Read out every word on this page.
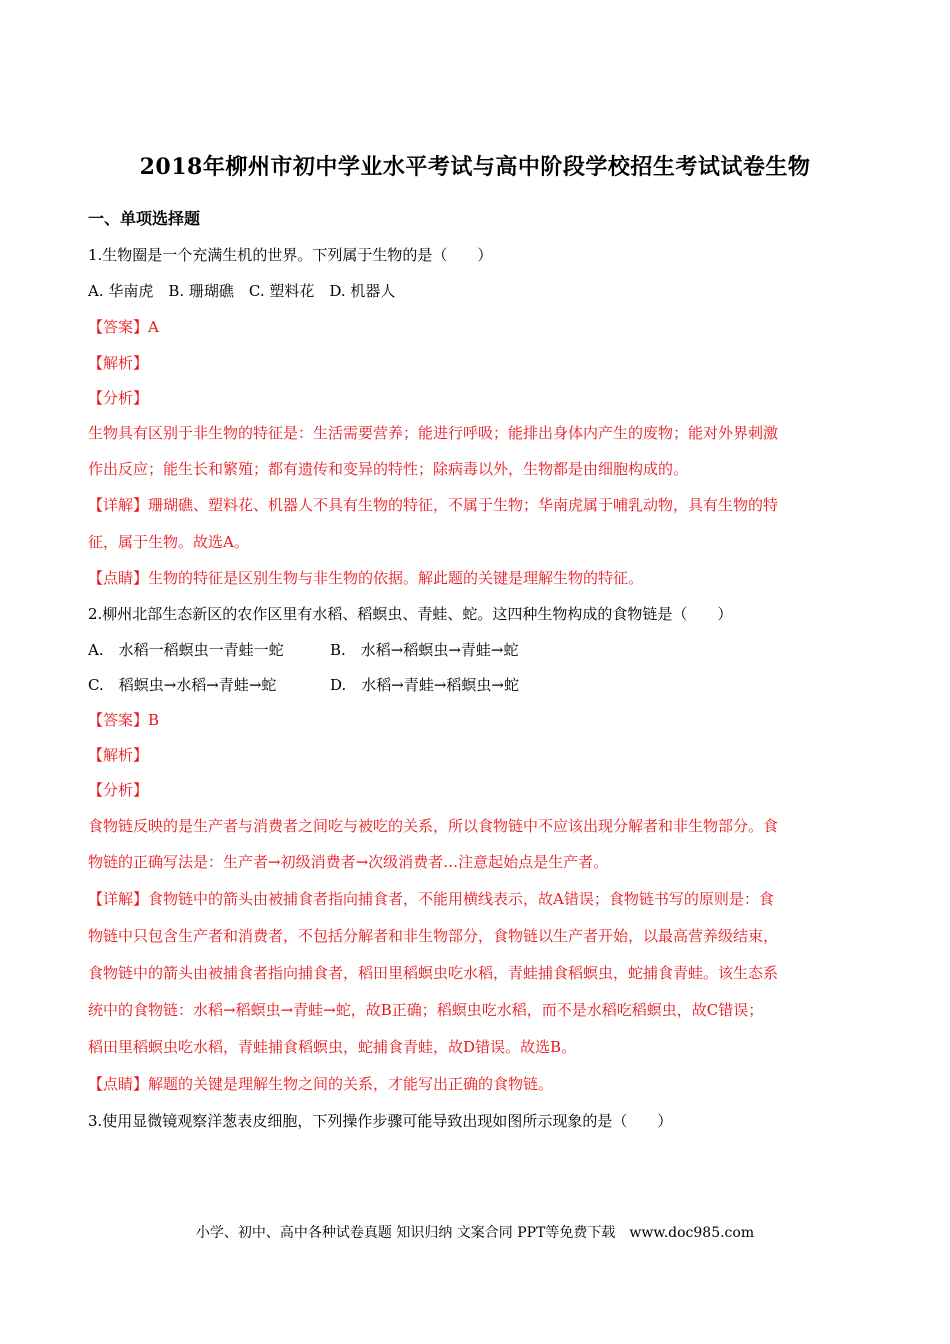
2018年柳州市初中学业水平考试与高中阶段学校招生考试试卷生物
一、单项选择题
1.生物圈是一个充满生机的世界。下列属于生物的是（　　）
A. 华南虎　B. 珊瑚礁　C. 塑料花　D. 机器人
【答案】A
【解析】
【分析】
生物具有区别于非生物的特征是：生活需要营养；能进行呼吸；能排出身体内产生的废物；能对外界刺激
作出反应；能生长和繁殖；都有遗传和变异的特性；除病毒以外，生物都是由细胞构成的。
【详解】珊瑚礁、塑料花、机器人不具有生物的特征，不属于生物；华南虎属于哺乳动物，具有生物的特
征，属于生物。故选A。
【点睛】生物的特征是区别生物与非生物的依据。解此题的关键是理解生物的特征。
2.柳州北部生态新区的农作区里有水稻、稻螟虫、青蛙、蛇。这四种生物构成的食物链是（　　）
A.　水稻一稻螟虫一青蛙一蛇	B.　水稻→稻螟虫→青蛙→蛇
C.　稻螟虫→水稻→青蛙→蛇	D.　水稻→青蛙→稻螟虫→蛇
【答案】B
【解析】
【分析】
食物链反映的是生产者与消费者之间吃与被吃的关系，所以食物链中不应该出现分解者和非生物部分。食
物链的正确写法是：生产者→初级消费者→次级消费者…注意起始点是生产者。
【详解】食物链中的箭头由被捕食者指向捕食者，不能用横线表示，故A错误；食物链书写的原则是：食
物链中只包含生产者和消费者，不包括分解者和非生物部分，食物链以生产者开始，以最高营养级结束，
食物链中的箭头由被捕食者指向捕食者，稻田里稻螟虫吃水稻，青蛙捕食稻螟虫，蛇捕食青蛙。该生态系
统中的食物链：水稻→稻螟虫→青蛙→蛇，故B正确；稻螟虫吃水稻，而不是水稻吃稻螟虫，故C错误；
稻田里稻螟虫吃水稻，青蛙捕食稻螟虫，蛇捕食青蛙，故D错误。故选B。
【点睛】解题的关键是理解生物之间的关系，才能写出正确的食物链。
3.使用显微镜观察洋葱表皮细胞，下列操作步骤可能导致出现如图所示现象的是（　　）
小学、初中、高中各种试卷真题 知识归纳 文案合同 PPT等免费下载　www.doc985.com
